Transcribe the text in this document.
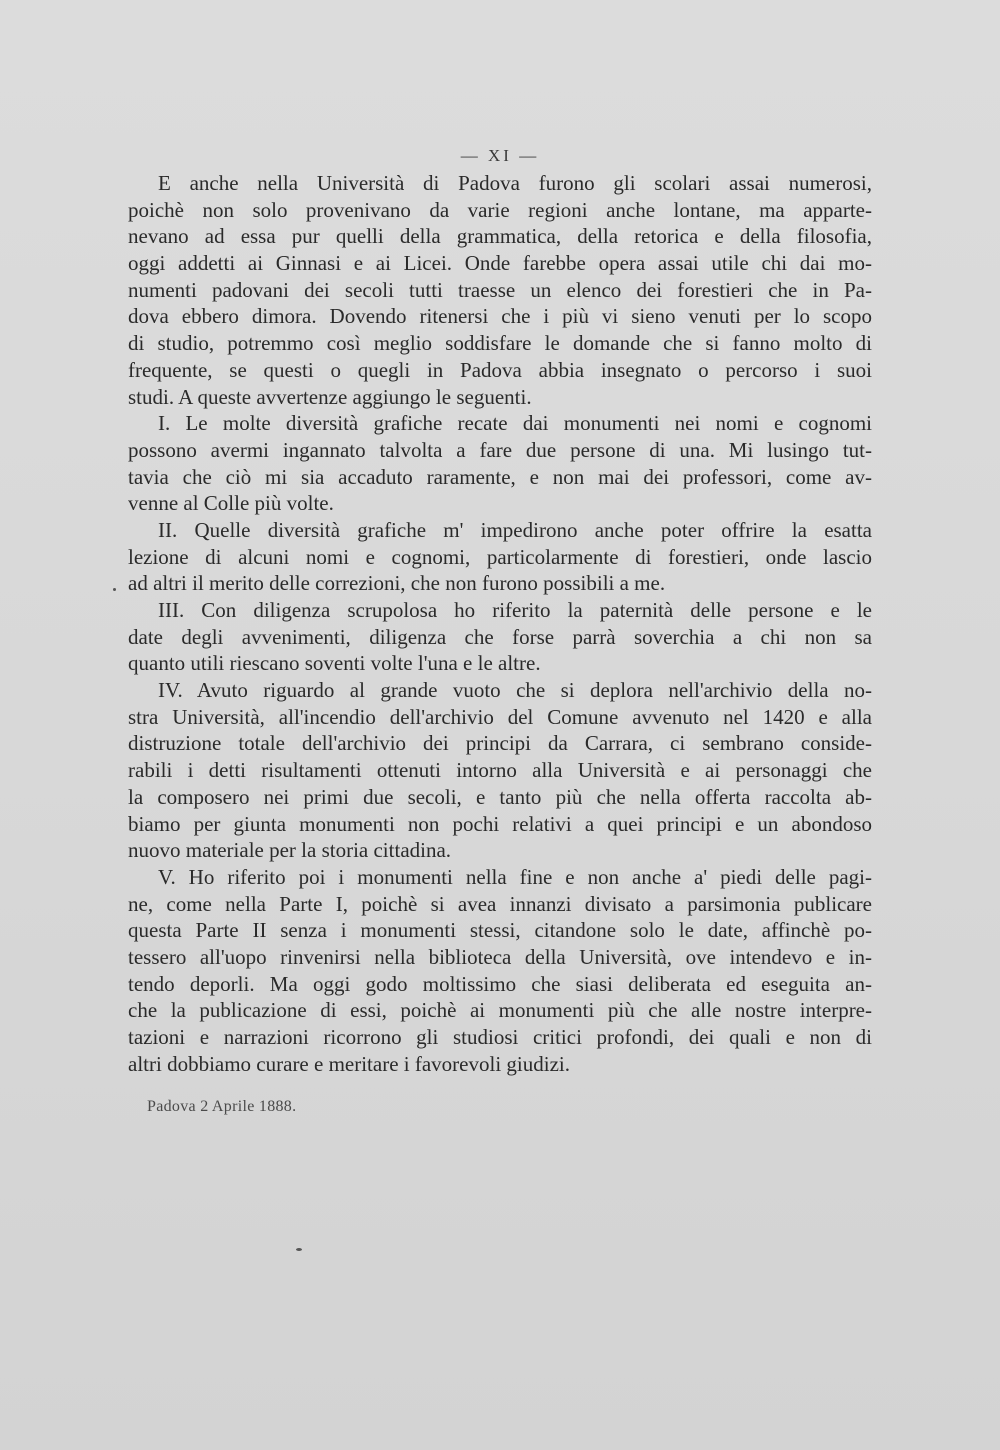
— XI —
E anche nella Università di Padova furono gli scolari assai numerosi,
poichè non solo provenivano da varie regioni anche lontane, ma apparte-
nevano ad essa pur quelli della grammatica, della retorica e della filosofia,
oggi addetti ai Ginnasi e ai Licei. Onde farebbe opera assai utile chi dai mo-
numenti padovani dei secoli tutti traesse un elenco dei forestieri che in Pa-
dova ebbero dimora. Dovendo ritenersi che i più vi sieno venuti per lo scopo
di studio, potremmo così meglio soddisfare le domande che si fanno molto di
frequente, se questi o quegli in Padova abbia insegnato o percorso i suoi
studi. A queste avvertenze aggiungo le seguenti.
I. Le molte diversità grafiche recate dai monumenti nei nomi e cognomi
possono avermi ingannato talvolta a fare due persone di una. Mi lusingo tut-
tavia che ciò mi sia accaduto raramente, e non mai dei professori, come av-
venne al Colle più volte.
II. Quelle diversità grafiche m' impedirono anche poter offrire la esatta
lezione di alcuni nomi e cognomi, particolarmente di forestieri, onde lascio
ad altri il merito delle correzioni, che non furono possibili a me.
III. Con diligenza scrupolosa ho riferito la paternità delle persone e le
date degli avvenimenti, diligenza che forse parrà soverchia a chi non sa
quanto utili riescano soventi volte l'una e le altre.
IV. Avuto riguardo al grande vuoto che si deplora nell'archivio della no-
stra Università, all'incendio dell'archivio del Comune avvenuto nel 1420 e alla
distruzione totale dell'archivio dei principi da Carrara, ci sembrano conside-
rabili i detti risultamenti ottenuti intorno alla Università e ai personaggi che
la composero nei primi due secoli, e tanto più che nella offerta raccolta ab-
biamo per giunta monumenti non pochi relativi a quei principi e un abondoso
nuovo materiale per la storia cittadina.
V. Ho riferito poi i monumenti nella fine e non anche a' piedi delle pagi-
ne, come nella Parte I, poichè si avea innanzi divisato a parsimonia publicare
questa Parte II senza i monumenti stessi, citandone solo le date, affinchè po-
tessero all'uopo rinvenirsi nella biblioteca della Università, ove intendevo e in-
tendo deporli. Ma oggi godo moltissimo che siasi deliberata ed eseguita an-
che la publicazione di essi, poichè ai monumenti più che alle nostre interpre-
tazioni e narrazioni ricorrono gli studiosi critici profondi, dei quali e non di
altri dobbiamo curare e meritare i favorevoli giudizi.
Padova 2 Aprile 1888.
